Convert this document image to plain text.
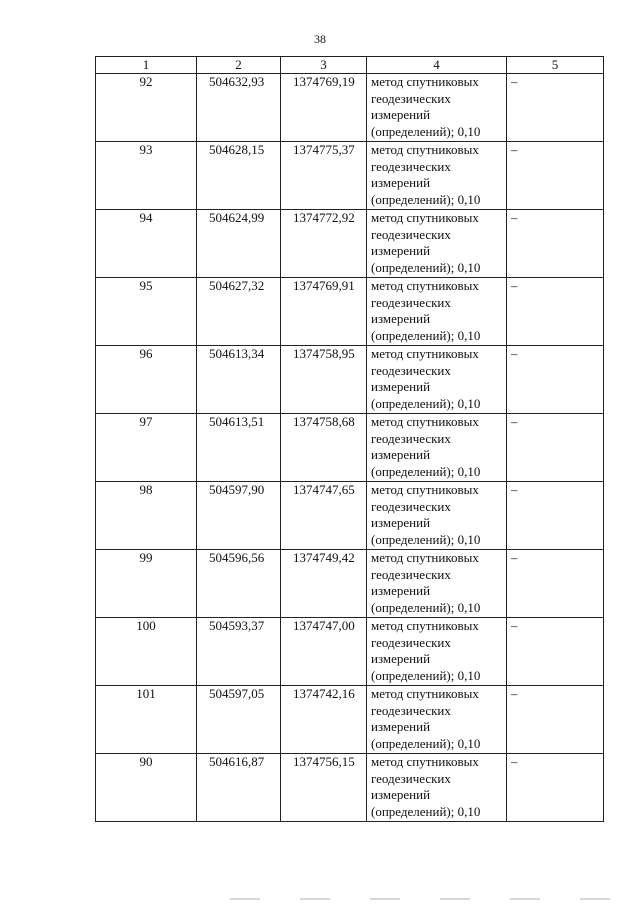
38
1	2	3	4	5
92	504632,93	1374769,19	метод спутниковых
геодезических
измерений
(определений); 0,10	–
93	504628,15	1374775,37	метод спутниковых
геодезических
измерений
(определений); 0,10	–
94	504624,99	1374772,92	метод спутниковых
геодезических
измерений
(определений); 0,10	–
95	504627,32	1374769,91	метод спутниковых
геодезических
измерений
(определений); 0,10	–
96	504613,34	1374758,95	метод спутниковых
геодезических
измерений
(определений); 0,10	–
97	504613,51	1374758,68	метод спутниковых
геодезических
измерений
(определений); 0,10	–
98	504597,90	1374747,65	метод спутниковых
геодезических
измерений
(определений); 0,10	–
99	504596,56	1374749,42	метод спутниковых
геодезических
измерений
(определений); 0,10	–
100	504593,37	1374747,00	метод спутниковых
геодезических
измерений
(определений); 0,10	–
101	504597,05	1374742,16	метод спутниковых
геодезических
измерений
(определений); 0,10	–
90	504616,87	1374756,15	метод спутниковых
геодезических
измерений
(определений); 0,10	–
